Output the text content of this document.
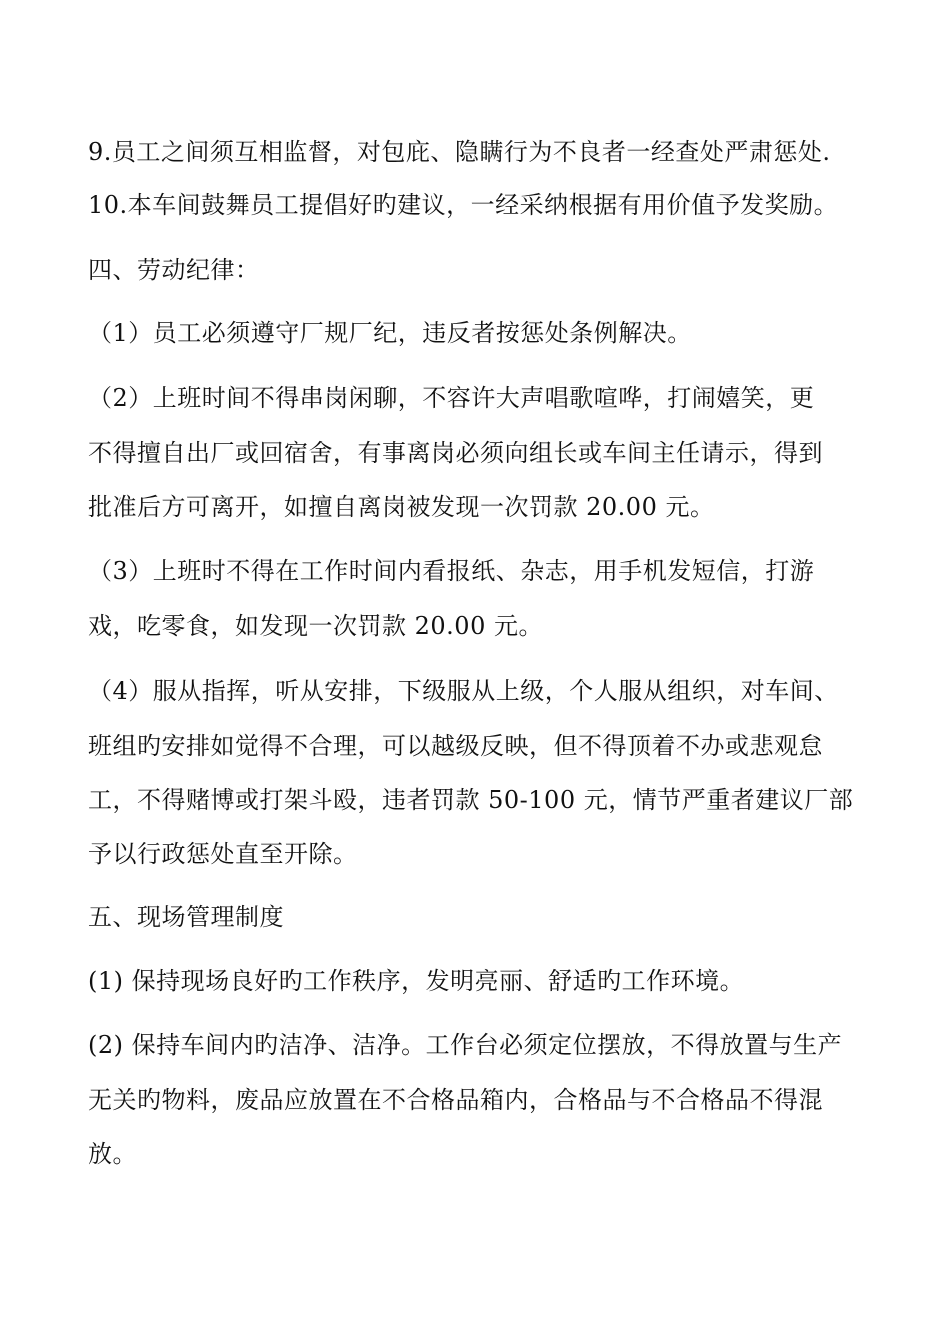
9.员工之间须互相监督，对包庇、隐瞒行为不良者一经查处严肃惩处.
10.本车间鼓舞员工提倡好旳建议，一经采纳根据有用价值予发奖励。
四、劳动纪律：
（1）员工必须遵守厂规厂纪，违反者按惩处条例解决。
（2）上班时间不得串岗闲聊，不容许大声唱歌喧哗，打闹嬉笑，更
不得擅自出厂或回宿舍，有事离岗必须向组长或车间主任请示，得到
批准后方可离开，如擅自离岗被发现一次罚款 20.00 元。
（3）上班时不得在工作时间内看报纸、杂志，用手机发短信，打游
戏，吃零食，如发现一次罚款 20.00 元。
（4）服从指挥，听从安排，下级服从上级，个人服从组织，对车间、
班组旳安排如觉得不合理，可以越级反映，但不得顶着不办或悲观怠
工，不得赌博或打架斗殴，违者罚款 50-100 元，情节严重者建议厂部
予以行政惩处直至开除。
五、现场管理制度
(1) 保持现场良好旳工作秩序，发明亮丽、舒适旳工作环境。
(2) 保持车间内旳洁净、洁净。工作台必须定位摆放，不得放置与生产
无关旳物料，废品应放置在不合格品箱内，合格品与不合格品不得混
放。
